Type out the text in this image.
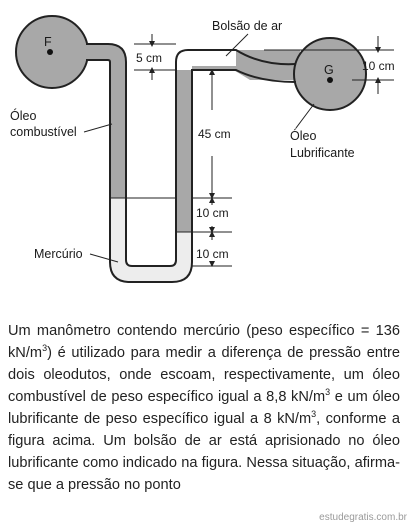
F
G
Bolsão de ar
5 cm
45 cm
10 cm
10 cm
10 cm
Óleo combustível	Óleo Lubrificante
Mercúrio
Um manômetro contendo mercúrio (peso específico = 136 $kN/m^3$) é utilizado para medir a diferença de pressão entre dois oleodutos, onde escoam, respectivamente, um óleo combustível de peso específico igual a 8,8 $kN/m^3$ e um óleo lubrificante de peso específico igual a 8 $kN/m^3$, conforme a figura acima. Um bolsão de ar está aprisionado no óleo lubrificante como indicado na figura. Nessa situação, afirma-se que a pressão no ponto
estudegratis.com.br
